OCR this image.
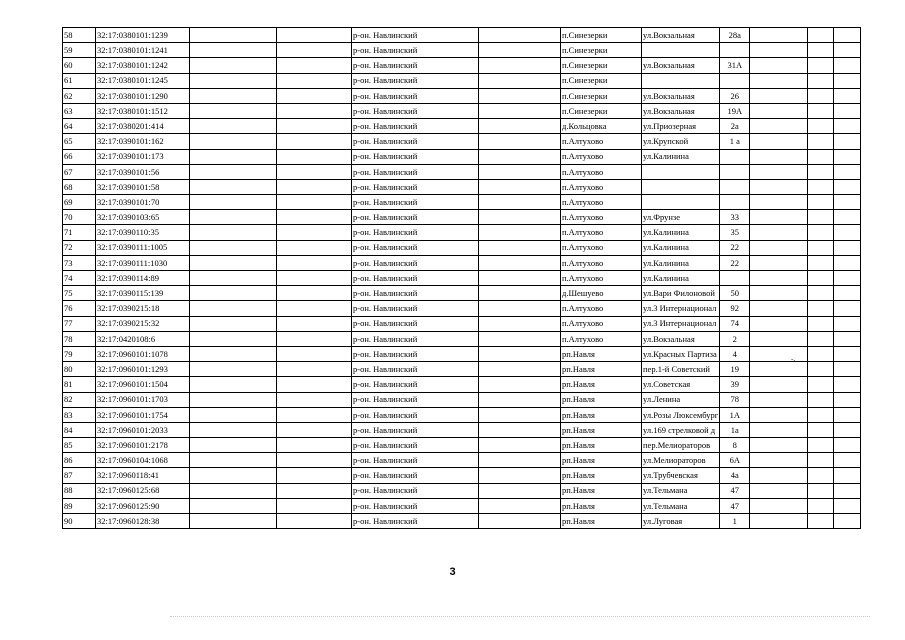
58	32:17:0380101:1239			р-он. Навлинский		п.Синезерки	ул.Вокзальная	28а			
59	32:17:0380101:1241			р-он. Навлинский		п.Синезерки					
60	32:17:0380101:1242			р-он. Навлинский		п.Синезерки	ул.Вокзальная	31А			
61	32:17:0380101:1245			р-он. Навлинский		п.Синезерки					
62	32:17:0380101:1290			р-он. Навлинский		п.Синезерки	ул.Вокзальная	26			
63	32:17:0380101:1512			р-он. Навлинский		п.Синезерки	ул.Вокзальная	19А			
64	32:17:0380201:414			р-он. Навлинский		д.Кольцовка	ул.Приозерная	2а			
65	32:17:0390101:162			р-он. Навлинский		п.Алтухово	ул.Крупской	1 а			
66	32:17:0390101:173			р-он. Навлинский		п.Алтухово	ул.Калинина				
67	32:17:0390101:56			р-он. Навлинский		п.Алтухово					
68	32:17:0390101:58			р-он. Навлинский		п.Алтухово					
69	32:17:0390101:70			р-он. Навлинский		п.Алтухово					
70	32:17:0390103:65			р-он. Навлинский		п.Алтухово	ул.Фрунзе	33			
71	32:17:0390110:35			р-он. Навлинский		п.Алтухово	ул.Калинина	35			
72	32:17:0390111:1005			р-он. Навлинский		п.Алтухово	ул.Калинина	22			
73	32:17:0390111:1030			р-он. Навлинский		п.Алтухово	ул.Калинина	22			
74	32:17:0390114:89			р-он. Навлинский		п.Алтухово	ул.Калинина				
75	32:17:0390115:139			р-он. Навлинский		д.Шешуево	ул.Вари Филоновой	50			
76	32:17:0390215:18			р-он. Навлинский		п.Алтухово	ул.3 Интернационал	92			
77	32:17:0390215:32			р-он. Навлинский		п.Алтухово	ул.3 Интернационал	74			
78	32:17:0420108:6			р-он. Навлинский		п.Алтухово	ул.Вокзальная	2			
79	32:17:0960101:1078			р-он. Навлинский		рп.Навля	ул.Красных Партиза	4			
80	32:17:0960101:1293			р-он. Навлинский		рп.Навля	пер.1-й Советский	19			
81	32:17:0960101:1504			р-он. Навлинский		рп.Навля	ул.Советская	39			
82	32:17:0960101:1703			р-он. Навлинский		рп.Навля	ул.Ленина	78			
83	32:17:0960101:1754			р-он. Навлинский		рп.Навля	ул.Розы Люксембург	1А			
84	32:17:0960101:2033			р-он. Навлинский		рп.Навля	ул.169 стрелковой д	1а			
85	32:17:0960101:2178			р-он. Навлинский		рп.Навля	пер.Мелиораторов	8			
86	32:17:0960104:1068			р-он. Навлинский		рп.Навля	ул.Мелиораторов	6А			
87	32:17:0960118:41			р-он. Навлинский		рп.Навля	ул.Трубчевская	4а			
88	32:17:0960125:68			р-он. Навлинский		рп.Навля	ул.Тельмана	47			
89	32:17:0960125:90			р-он. Навлинский		рп.Навля	ул.Тельмана	47			
90	32:17:0960128:38			р-он. Навлинский		рп.Навля	ул.Луговая	1			
-,
3
